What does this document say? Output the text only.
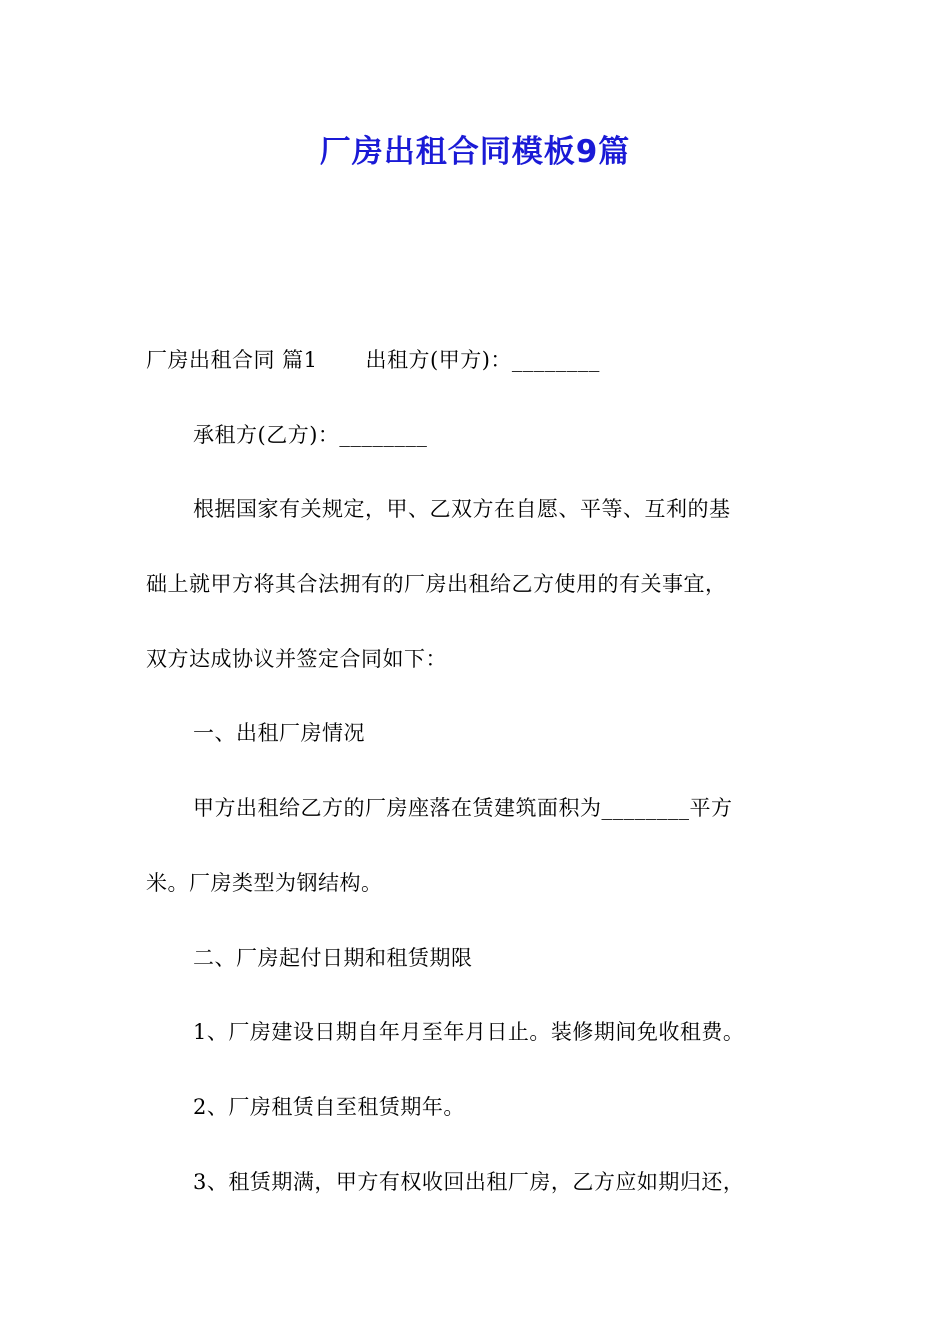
厂房出租合同模板9篇
厂房出租合同 篇1 出租方(甲方)：________
承租方(乙方)：________
根据国家有关规定，甲、乙双方在自愿、平等、互利的基
础上就甲方将其合法拥有的厂房出租给乙方使用的有关事宜，
双方达成协议并签定合同如下：
一、出租厂房情况
甲方出租给乙方的厂房座落在赁建筑面积为________平方
米。厂房类型为钢结构。
二、厂房起付日期和租赁期限
1、厂房建设日期自年月至年月日止。装修期间免收租费。
2、厂房租赁自至租赁期年。
3、租赁期满，甲方有权收回出租厂房，乙方应如期归还，
